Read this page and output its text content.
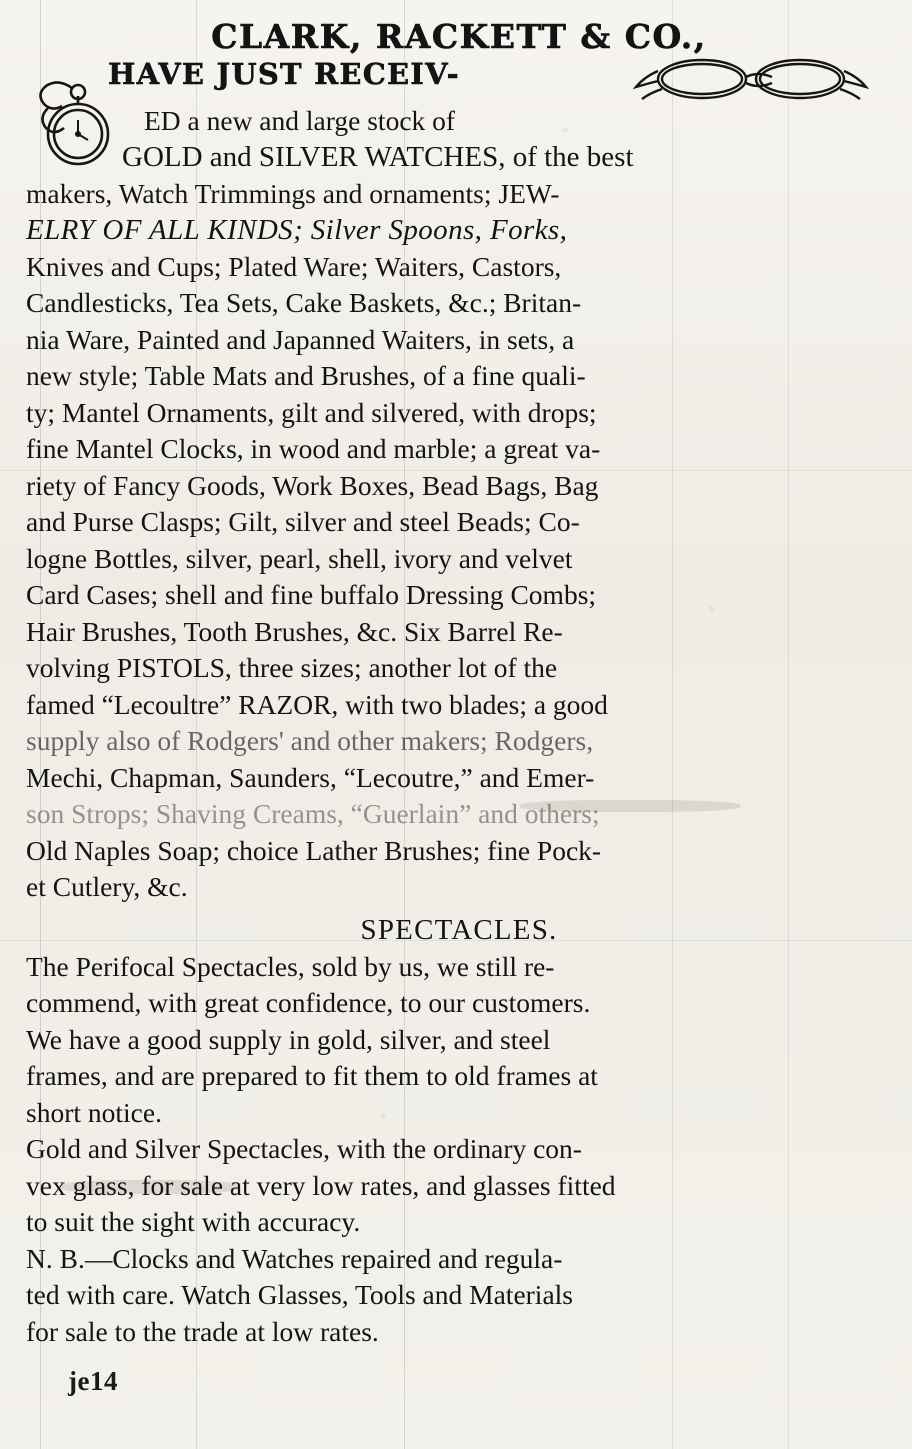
CLARK, RACKETT & CO.,
HAVE JUST RECEIV-

ED a new and large stock of

GOLD and SILVER WATCHES, of the best

makers, Watch Trimmings and ornaments; JEW-

ELRY OF ALL KINDS; Silver Spoons, Forks,

Knives and Cups; Plated Ware; Waiters, Castors,

Candlesticks, Tea Sets, Cake Baskets, &c.; Britan-

nia Ware, Painted and Japanned Waiters, in sets, a

new style; Table Mats and Brushes, of a fine quali-

ty; Mantel Ornaments, gilt and silvered, with drops;

fine Mantel Clocks, in wood and marble; a great va-

riety of Fancy Goods, Work Boxes, Bead Bags, Bag

and Purse Clasps; Gilt, silver and steel Beads; Co-

logne Bottles, silver, pearl, shell, ivory and velvet

Card Cases; shell and fine buffalo Dressing Combs;

Hair Brushes, Tooth Brushes, &c. Six Barrel Re-

volving PISTOLS, three sizes; another lot of the

famed “Lecoultre” RAZOR, with two blades; a good

supply also of Rodgers' and other makers; Rodgers,

Mechi, Chapman, Saunders, “Lecoutre,” and Emer-

son Strops; Shaving Creams, “Guerlain” and others;

Old Naples Soap; choice Lather Brushes; fine Pock-

et Cutlery, &c.

SPECTACLES.

The Perifocal Spectacles, sold by us, we still re-

commend, with great confidence, to our customers.

We have a good supply in gold, silver, and steel

frames, and are prepared to fit them to old frames at

short notice.

Gold and Silver Spectacles, with the ordinary con-

vex glass, for sale at very low rates, and glasses fitted

to suit the sight with accuracy.

N. B.—Clocks and Watches repaired and regula-

ted with care. Watch Glasses, Tools and Materials

for sale to the trade at low rates.

je14
